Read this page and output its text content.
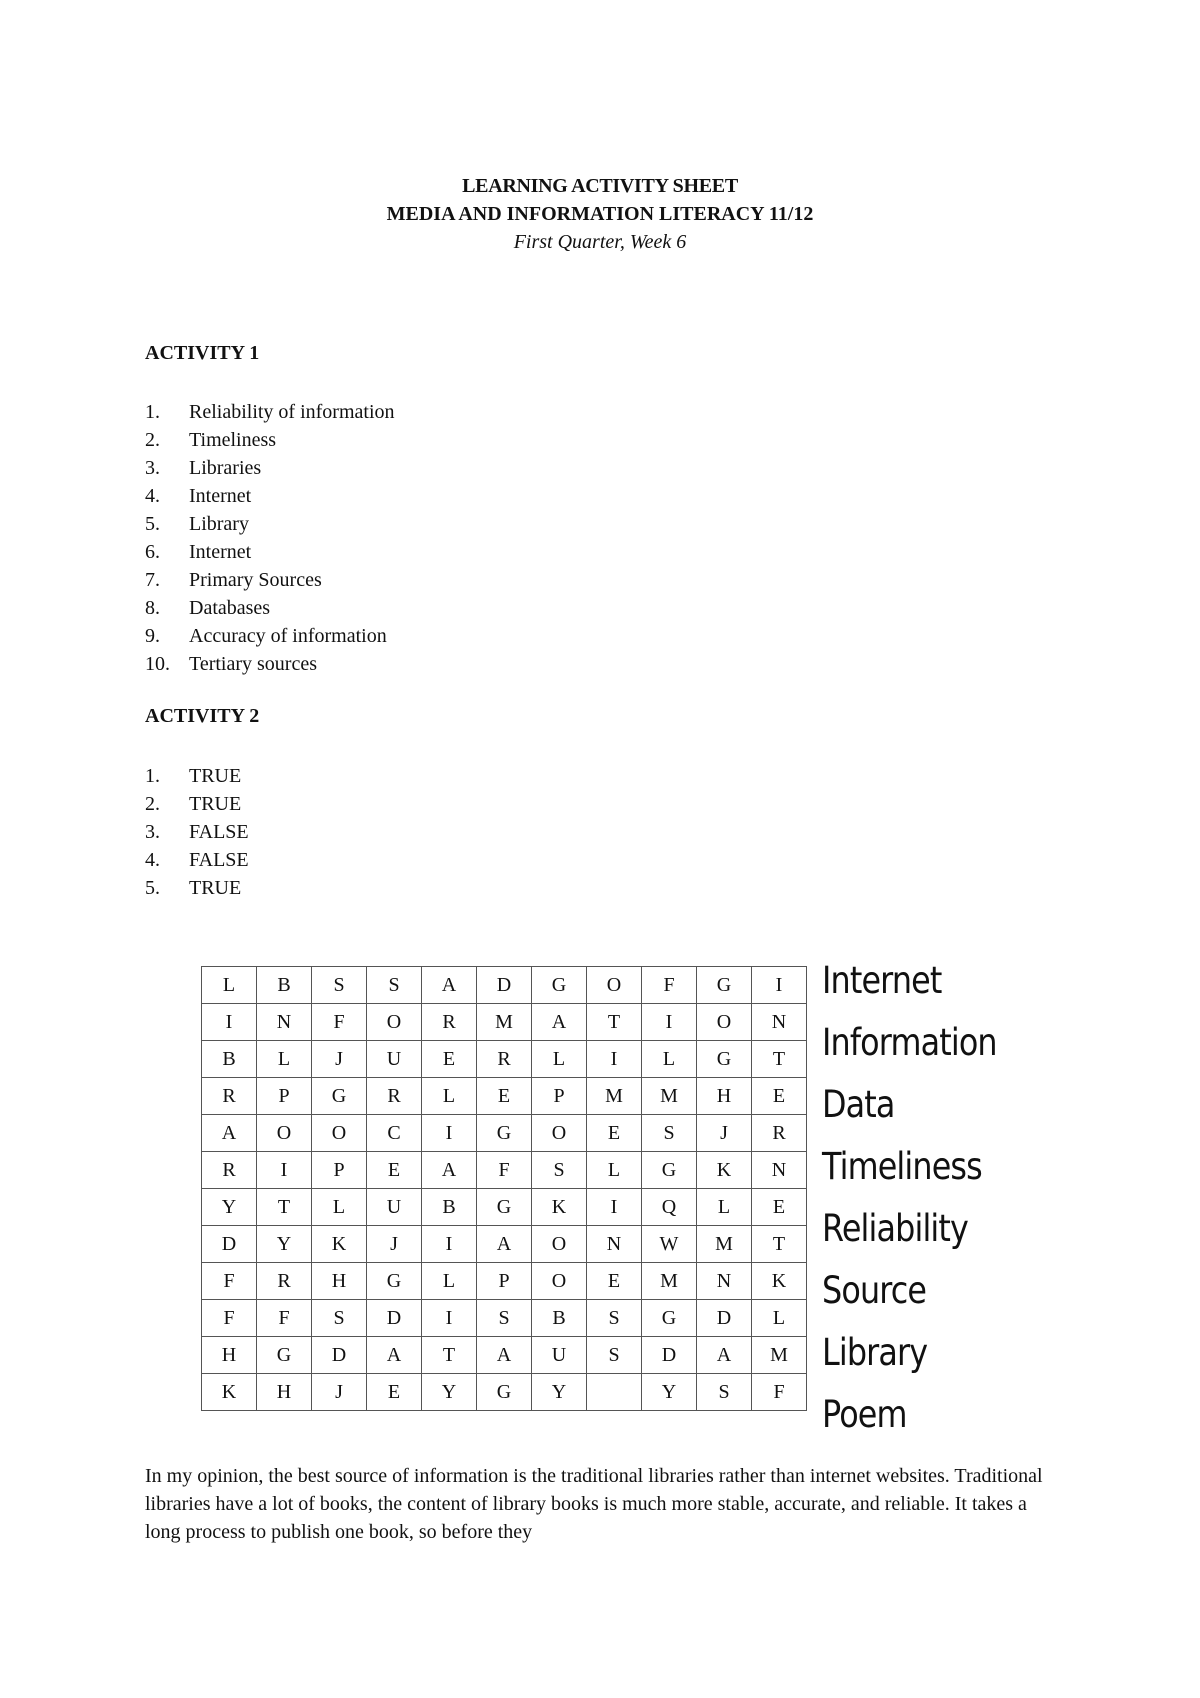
LEARNING ACTIVITY SHEET
MEDIA AND INFORMATION LITERACY 11/12
First Quarter, Week 6
ACTIVITY 1
1.	Reliability of information
2.	Timeliness
3.	Libraries
4.	Internet
5.	Library
6.	Internet
7.	Primary Sources
8.	Databases
9.	Accuracy of information
10. Tertiary sources
ACTIVITY 2
1.	TRUE
2.	TRUE
3.	FALSE
4.	FALSE
5.	TRUE
L	B	S	S	A	D	G	O	F	G	I
I	N	F	O	R	M	A	T	I	O	N
B	L	J	U	E	R	L	I	L	G	T
R	P	G	R	L	E	P	M	M	H	E
A	O	O	C	I	G	O	E	S	J	R
R	I	P	E	A	F	S	L	G	K	N
Y	T	L	U	B	G	K	I	Q	L	E
D	Y	K	J	I	A	O	N	W	M	T
F	R	H	G	L	P	O	E	M	N	K
F	F	S	D	I	S	B	S	G	D	L
H	G	D	A	T	A	U	S	D	A	M
K	H	J	E	Y	G	Y		Y	S	F
Internet
Information
Data
Timeliness
Reliability
Source
Library
Poem

In my opinion, the best source of information is the traditional libraries rather than internet websites. Traditional libraries have a lot of books, the content of library books is much more stable, accurate, and reliable. It takes a long process to publish one book, so before they
